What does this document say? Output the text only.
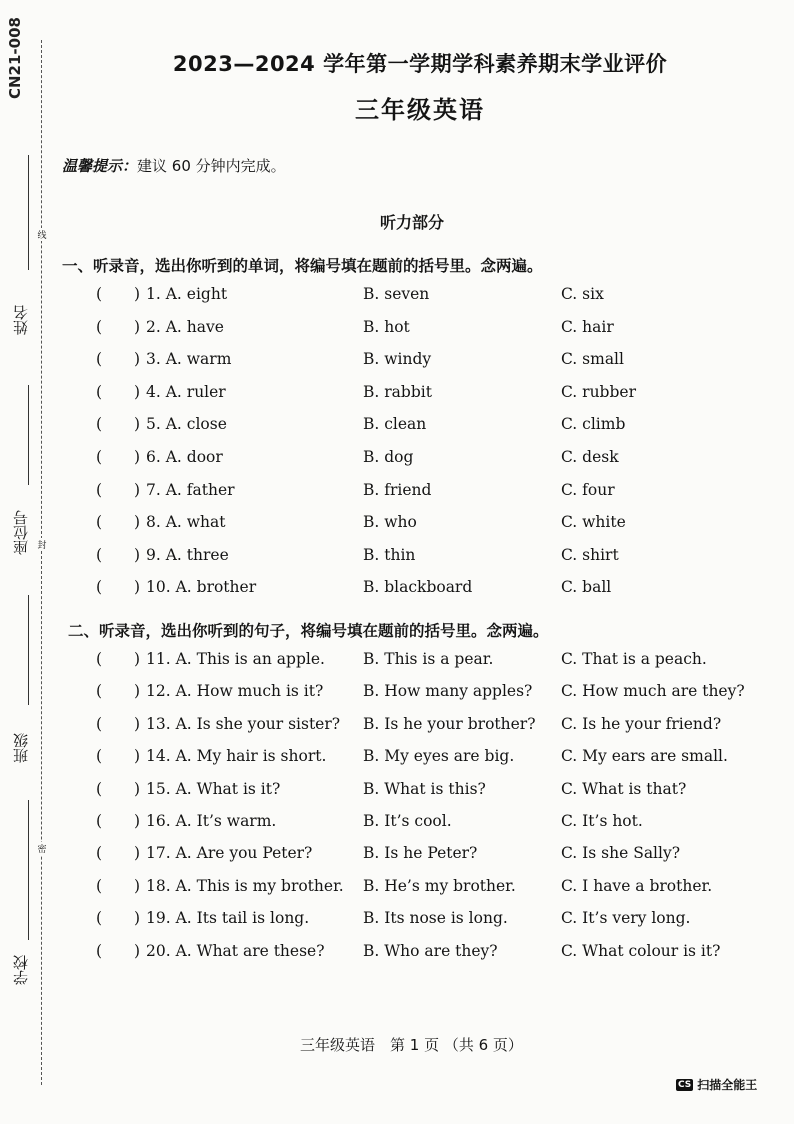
CN21-008
线
封
密
姓名
座位号
班级
学校
2023—2024 学年第一学期学科素养期末学业评价
三年级英语
温馨提示：建议 60 分钟内完成。
听力部分
一、听录音，选出你听到的单词，将编号填在题前的括号里。念两遍。
( ) 1. A. eight	B. seven	C. six
( ) 2. A. have	B. hot	C. hair
( ) 3. A. warm	B. windy	C. small
( ) 4. A. ruler	B. rabbit	C. rubber
( ) 5. A. close	B. clean	C. climb
( ) 6. A. door	B. dog	C. desk
( ) 7. A. father	B. friend	C. four
( ) 8. A. what	B. who	C. white
( ) 9. A. three	B. thin	C. shirt
( ) 10. A. brother	B. blackboard	C. ball
二、听录音，选出你听到的句子，将编号填在题前的括号里。念两遍。
( ) 11. A. This is an apple. B. This is a pear.	C. That is a peach.
( ) 12. A. How much is it?	B. How many apples? C. How much are they?
( ) 13. A. Is she your sister? B. Is he your brother? C. Is he your friend?
( ) 14. A. My hair is short. B. My eyes are big.	C. My ears are small.
( ) 15. A. What is it?	B. What is this?	C. What is that?
( ) 16. A. It’s warm.	B. It’s cool.	C. It’s hot.
( ) 17. A. Are you Peter?	B. Is he Peter?	C. Is she Sally?
( ) 18. A. This is my brother. B. He’s my brother.	C. I have a brother.
( ) 19. A. Its tail is long.	B. Its nose is long.	C. It’s very long.
( ) 20. A. What are these? B. Who are they?	C. What colour is it?
三年级英语　第 1 页 （共 6 页）
CS 扫描全能王
